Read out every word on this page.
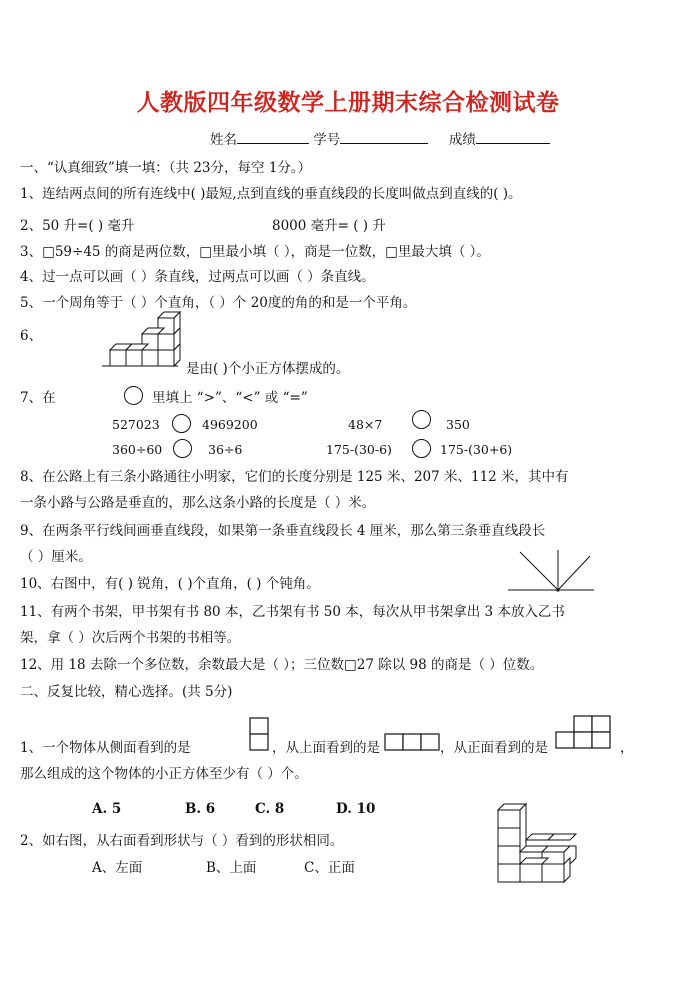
人教版四年级数学上册期末综合检测试卷
姓名	学号	成绩
一、“认真细致”填一填：（共 23分，每空 1分。）
1、连结两点间的所有连线中( )最短,点到直线的垂直线段的长度叫做点到直线的( )。
2、50 升=( ) 毫升	8000 毫升= ( ) 升
3、□59÷45 的商是两位数，□里最小填（ ），商是一位数，□里最大填（ ）。
4、过一点可以画（ ）条直线，过两点可以画（ ）条直线。
5、一个周角等于（ ）个直角，（ ）个 20度的角的和是一个平角。
6、
是由( )个小正方体摆成的。
7、在	里填上 “>”、“<” 或 “=”
527023	4969200	48×7	350
360÷60	36÷6	175-(30-6)	175-(30+6)
8、在公路上有三条小路通往小明家，它们的长度分别是 125 米、207 米、112 米，其中有
一条小路与公路是垂直的，那么这条小路的长度是（ ）米。
9、在两条平行线间画垂直线段，如果第一条垂直线段长 4 厘米，那么第三条垂直线段长
（ ）厘米。
10、右图中，有( ) 锐角，( )个直角，( ) 个钝角。
11、有两个书架，甲书架有书 80 本，乙书架有书 50 本，每次从甲书架拿出 3 本放入乙书
架，拿（ ）次后两个书架的书相等。
12、用 18 去除一个多位数，余数最大是（ ）；三位数□27 除以 98 的商是（ ）位数。
二、反复比较，精心选择。(共 5分)
1、一个物体从侧面看到的是	，从上面看到的是	，从正面看到的是	，
那么组成的这个物体的小正方体至少有（ ）个。
A. 5	B. 6	C. 8	D. 10
2、如右图，从右面看到形状与（ ）看到的形状相同。
A、左面	B、上面	C、正面
